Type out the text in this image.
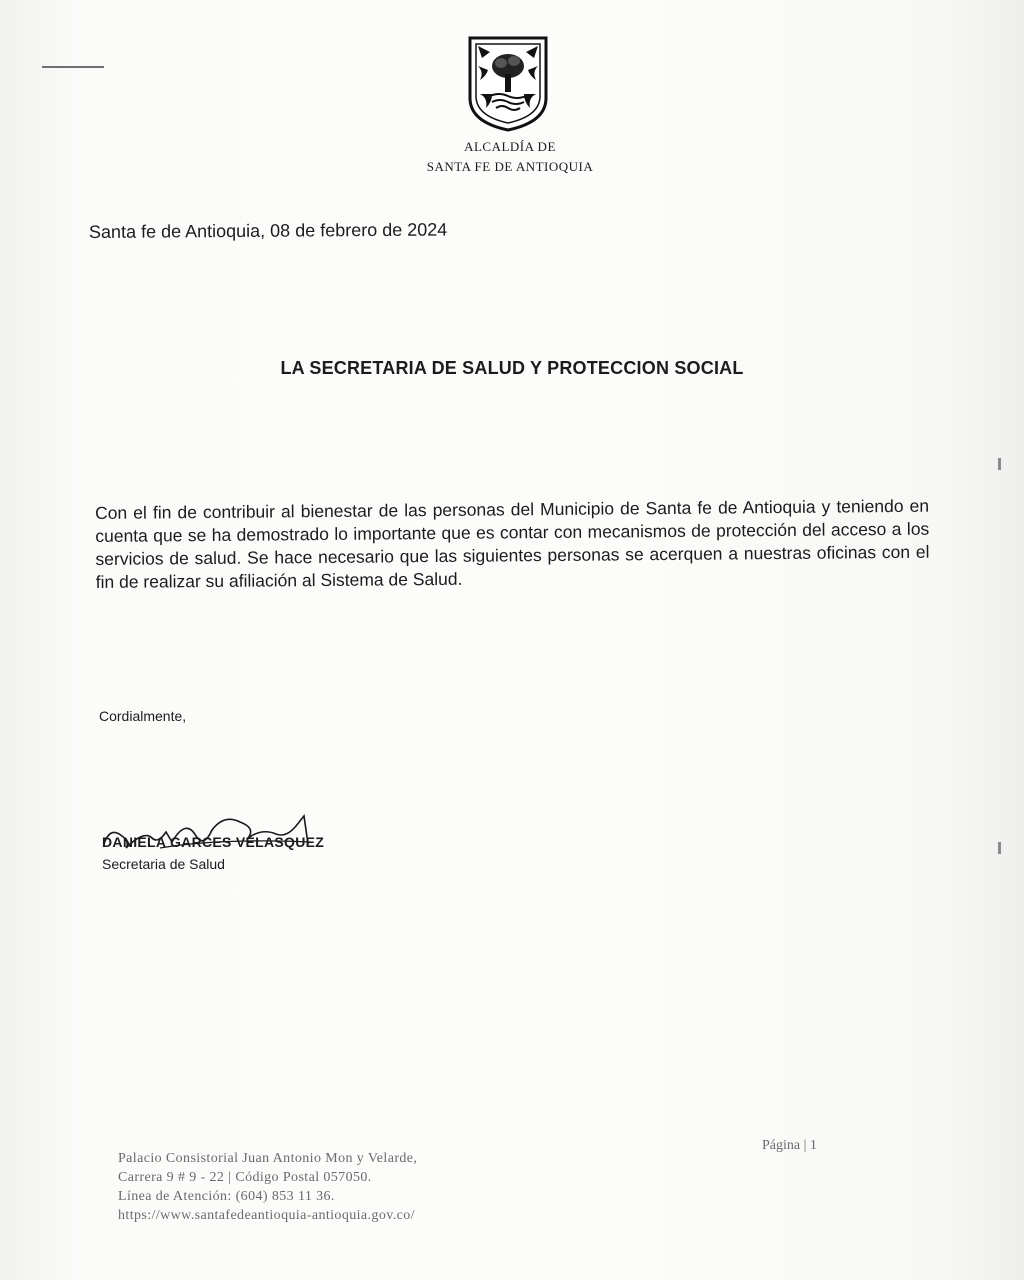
ALCALDÍA DE
SANTA FE DE ANTIOQUIA
Santa fe de Antioquia, 08 de febrero de 2024
LA SECRETARIA DE SALUD Y PROTECCION SOCIAL
Con el fin de contribuir al bienestar de las personas del Municipio de Santa fe de Antioquia y teniendo en cuenta que se ha demostrado lo importante que es contar con mecanismos de protección del acceso a los servicios de salud. Se hace necesario que las siguientes personas se acerquen a nuestras oficinas con el fin de realizar su afiliación al Sistema de Salud.
Cordialmente,
DANIELA GARCES VELASQUEZ
Secretaria de Salud
Palacio Consistorial Juan Antonio Mon y Velarde,
Carrera 9 # 9 - 22 | Código Postal 057050.
Línea de Atención: (604) 853 11 36.
https://www.santafedeantioquia-antioquia.gov.co/
Página | 1
